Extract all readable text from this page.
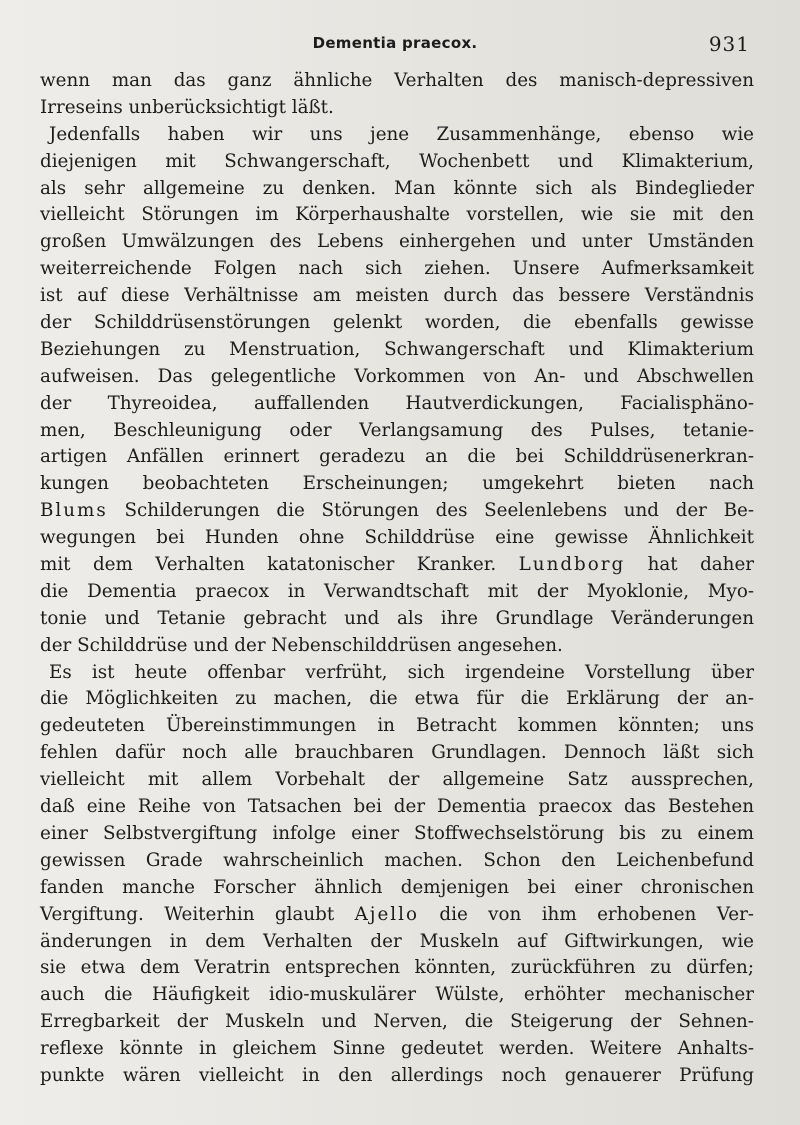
Dementia praecox.	931
wenn man das ganz ähnliche Verhalten des manisch-depressiven
Irreseins unberücksichtigt läßt.
Jedenfalls haben wir uns jene Zusammenhänge, ebenso wie
diejenigen mit Schwangerschaft, Wochenbett und Klimakterium,
als sehr allgemeine zu denken. Man könnte sich als Bindeglieder
vielleicht Störungen im Körperhaushalte vorstellen, wie sie mit den
großen Umwälzungen des Lebens einhergehen und unter Umständen
weiterreichende Folgen nach sich ziehen. Unsere Aufmerksamkeit
ist auf diese Verhältnisse am meisten durch das bessere Verständnis
der Schilddrüsenstörungen gelenkt worden, die ebenfalls gewisse
Beziehungen zu Menstruation, Schwangerschaft und Klimakterium
aufweisen. Das gelegentliche Vorkommen von An- und Abschwellen
der Thyreoidea, auffallenden Hautverdickungen, Facialisphäno-
men, Beschleunigung oder Verlangsamung des Pulses, tetanie-
artigen Anfällen erinnert geradezu an die bei Schilddrüsenerkran-
kungen beobachteten Erscheinungen; umgekehrt bieten nach
Blums Schilderungen die Störungen des Seelenlebens und der Be-
wegungen bei Hunden ohne Schilddrüse eine gewisse Ähnlichkeit
mit dem Verhalten katatonischer Kranker. Lundborg hat daher
die Dementia praecox in Verwandtschaft mit der Myoklonie, Myo-
tonie und Tetanie gebracht und als ihre Grundlage Veränderungen
der Schilddrüse und der Nebenschilddrüsen angesehen.
Es ist heute offenbar verfrüht, sich irgendeine Vorstellung über
die Möglichkeiten zu machen, die etwa für die Erklärung der an-
gedeuteten Übereinstimmungen in Betracht kommen könnten; uns
fehlen dafür noch alle brauchbaren Grundlagen. Dennoch läßt sich
vielleicht mit allem Vorbehalt der allgemeine Satz aussprechen,
daß eine Reihe von Tatsachen bei der Dementia praecox das Bestehen
einer Selbstvergiftung infolge einer Stoffwechselstörung bis zu einem
gewissen Grade wahrscheinlich machen. Schon den Leichenbefund
fanden manche Forscher ähnlich demjenigen bei einer chronischen
Vergiftung. Weiterhin glaubt Ajello die von ihm erhobenen Ver-
änderungen in dem Verhalten der Muskeln auf Giftwirkungen, wie
sie etwa dem Veratrin entsprechen könnten, zurückführen zu dürfen;
auch die Häufigkeit idio-muskulärer Wülste, erhöhter mechanischer
Erregbarkeit der Muskeln und Nerven, die Steigerung der Sehnen-
reflexe könnte in gleichem Sinne gedeutet werden. Weitere Anhalts-
punkte wären vielleicht in den allerdings noch genauerer Prüfung
